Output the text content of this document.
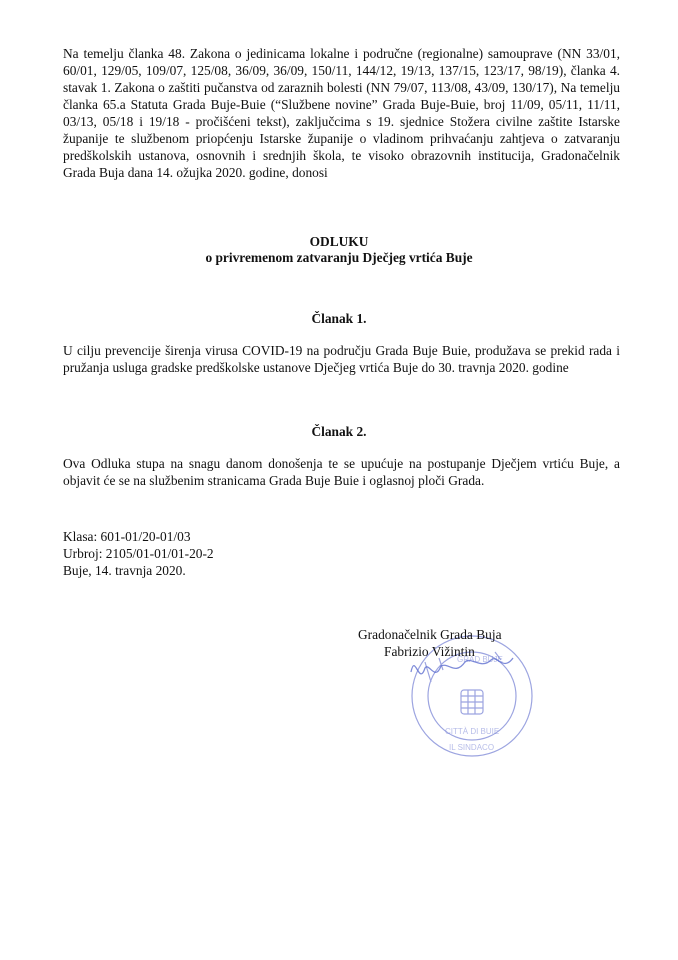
Na temelju članka 48. Zakona o jedinicama lokalne i područne (regionalne) samouprave (NN 33/01, 60/01, 129/05, 109/07, 125/08, 36/09, 36/09, 150/11, 144/12, 19/13, 137/15, 123/17, 98/19), članka 4. stavak 1. Zakona o zaštiti pučanstva od zaraznih bolesti (NN 79/07, 113/08, 43/09, 130/17), Na temelju članka 65.a Statuta Grada Buje-Buie (“Službene novine” Grada Buje-Buie, broj 11/09, 05/11, 11/11, 03/13, 05/18 i 19/18 - pročišćeni tekst), zaključcima s 19. sjednice Stožera civilne zaštite Istarske županije te službenom priopćenju Istarske županije o vladinom prihvaćanju zahtjeva o zatvaranju predškolskih ustanova, osnovnih i srednjih škola, te visoko obrazovnih institucija, Gradonačelnik Grada Buja dana 14. ožujka 2020. godine, donosi

ODLUKU

o privremenom zatvaranju Dječjeg vrtića Buje

Članak 1.

U cilju prevencije širenja virusa COVID-19 na području Grada Buje Buie, produžava se prekid rada i pružanja usluga gradske predškolske ustanove Dječjeg vrtića Buje do 30. travnja 2020. godine

Članak 2.

Ova Odluka stupa na snagu danom donošenja te se upućuje na postupanje Dječjem vrtiću Buje, a objavit će se na službenim stranicama Grada Buje Buie i oglasnoj ploči Grada.

Klasa: 601-01/20-01/03
Urbroj: 2105/01-01/01-20-2
Buje, 14. travnja 2020.
GRAD BUJE
CITTÀ DI BUIE
IL SINDACO
Gradonačelnik Grada Buja
Fabrizio Vižintin
